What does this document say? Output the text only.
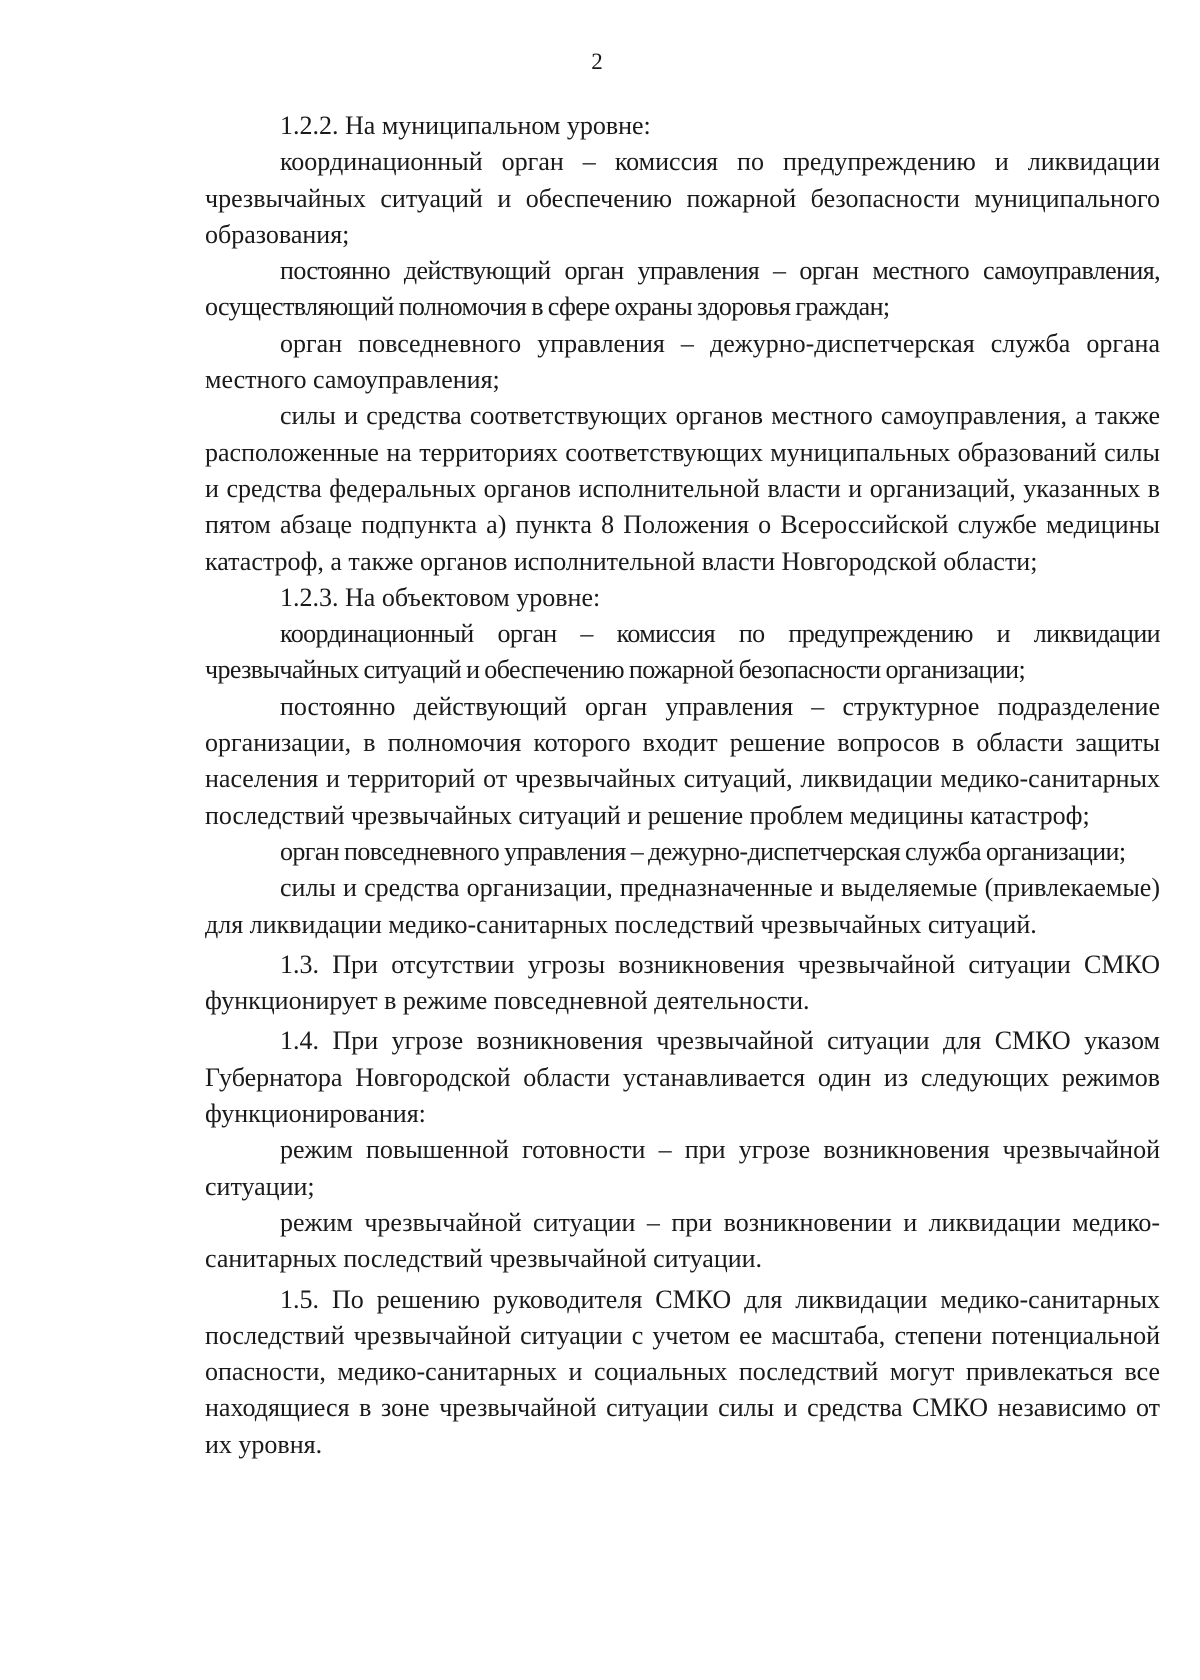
2

1.2.2. На муниципальном уровне:

координационный орган – комиссия по предупреждению и ликвидации чрезвычайных ситуаций и обеспечению пожарной безопасности муниципального образования;

постоянно действующий орган управления – орган местного самоуправления, осуществляющий полномочия в сфере охраны здоровья граждан;

орган повседневного управления – дежурно-диспетчерская служба органа местного самоуправления;

силы и средства соответствующих органов местного самоуправления, а также расположенные на территориях соответствующих муниципальных образований силы и средства федеральных органов исполнительной власти и организаций, указанных в пятом абзаце подпункта а) пункта 8 Положения о Всероссийской службе медицины катастроф, а также органов исполнительной власти Новгородской области;

1.2.3. На объектовом уровне:

координационный орган – комиссия по предупреждению и ликвидации чрезвычайных ситуаций и обеспечению пожарной безопасности организации;

постоянно действующий орган управления – структурное подразделение организации, в полномочия которого входит решение вопросов в области защиты населения и территорий от чрезвычайных ситуаций, ликвидации медико-санитарных последствий чрезвычайных ситуаций и решение проблем медицины катастроф;

орган повседневного управления – дежурно-диспетчерская служба организации;

силы и средства организации, предназначенные и выделяемые (привлекаемые) для ликвидации медико-санитарных последствий чрезвычайных ситуаций.

1.3. При отсутствии угрозы возникновения чрезвычайной ситуации СМКО функционирует в режиме повседневной деятельности.

1.4. При угрозе возникновения чрезвычайной ситуации для СМКО указом Губернатора Новгородской области устанавливается один из следующих режимов функционирования:

режим повышенной готовности – при угрозе возникновения чрезвычайной ситуации;

режим чрезвычайной ситуации – при возникновении и ликвидации медико-санитарных последствий чрезвычайной ситуации.

1.5. По решению руководителя СМКО для ликвидации медико-санитарных последствий чрезвычайной ситуации с учетом ее масштаба, степени потенциальной опасности, медико-санитарных и социальных последствий могут привлекаться все находящиеся в зоне чрезвычайной ситуации силы и средства СМКО независимо от их уровня.
